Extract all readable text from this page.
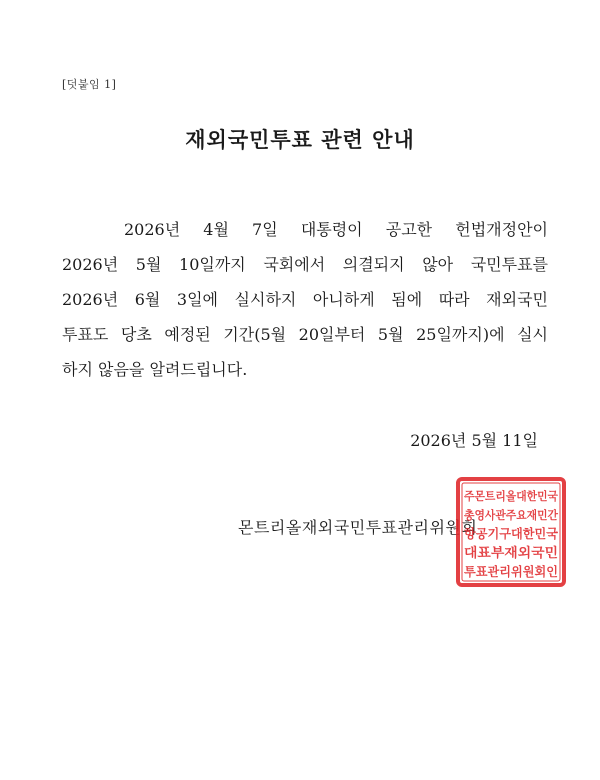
[덧붙임 1]
재외국민투표 관련 안내
2026년 4월 7일 대통령이 공고한 헌법개정안이
2026년 5월 10일까지 국회에서 의결되지 않아 국민투표를
2026년 6월 3일에 실시하지 아니하게 됨에 따라 재외국민
투표도 당초 예정된 기간(5월 20일부터 5월 25일까지)에 실시
하지 않음을 알려드립니다.
2026년 5월 11일
몬트리올재외국민투표관리위원회
주몬트리올대한민국
총영사관주요재민간
항공기구대한민국
대표부재외국민
투표관리위원회인
